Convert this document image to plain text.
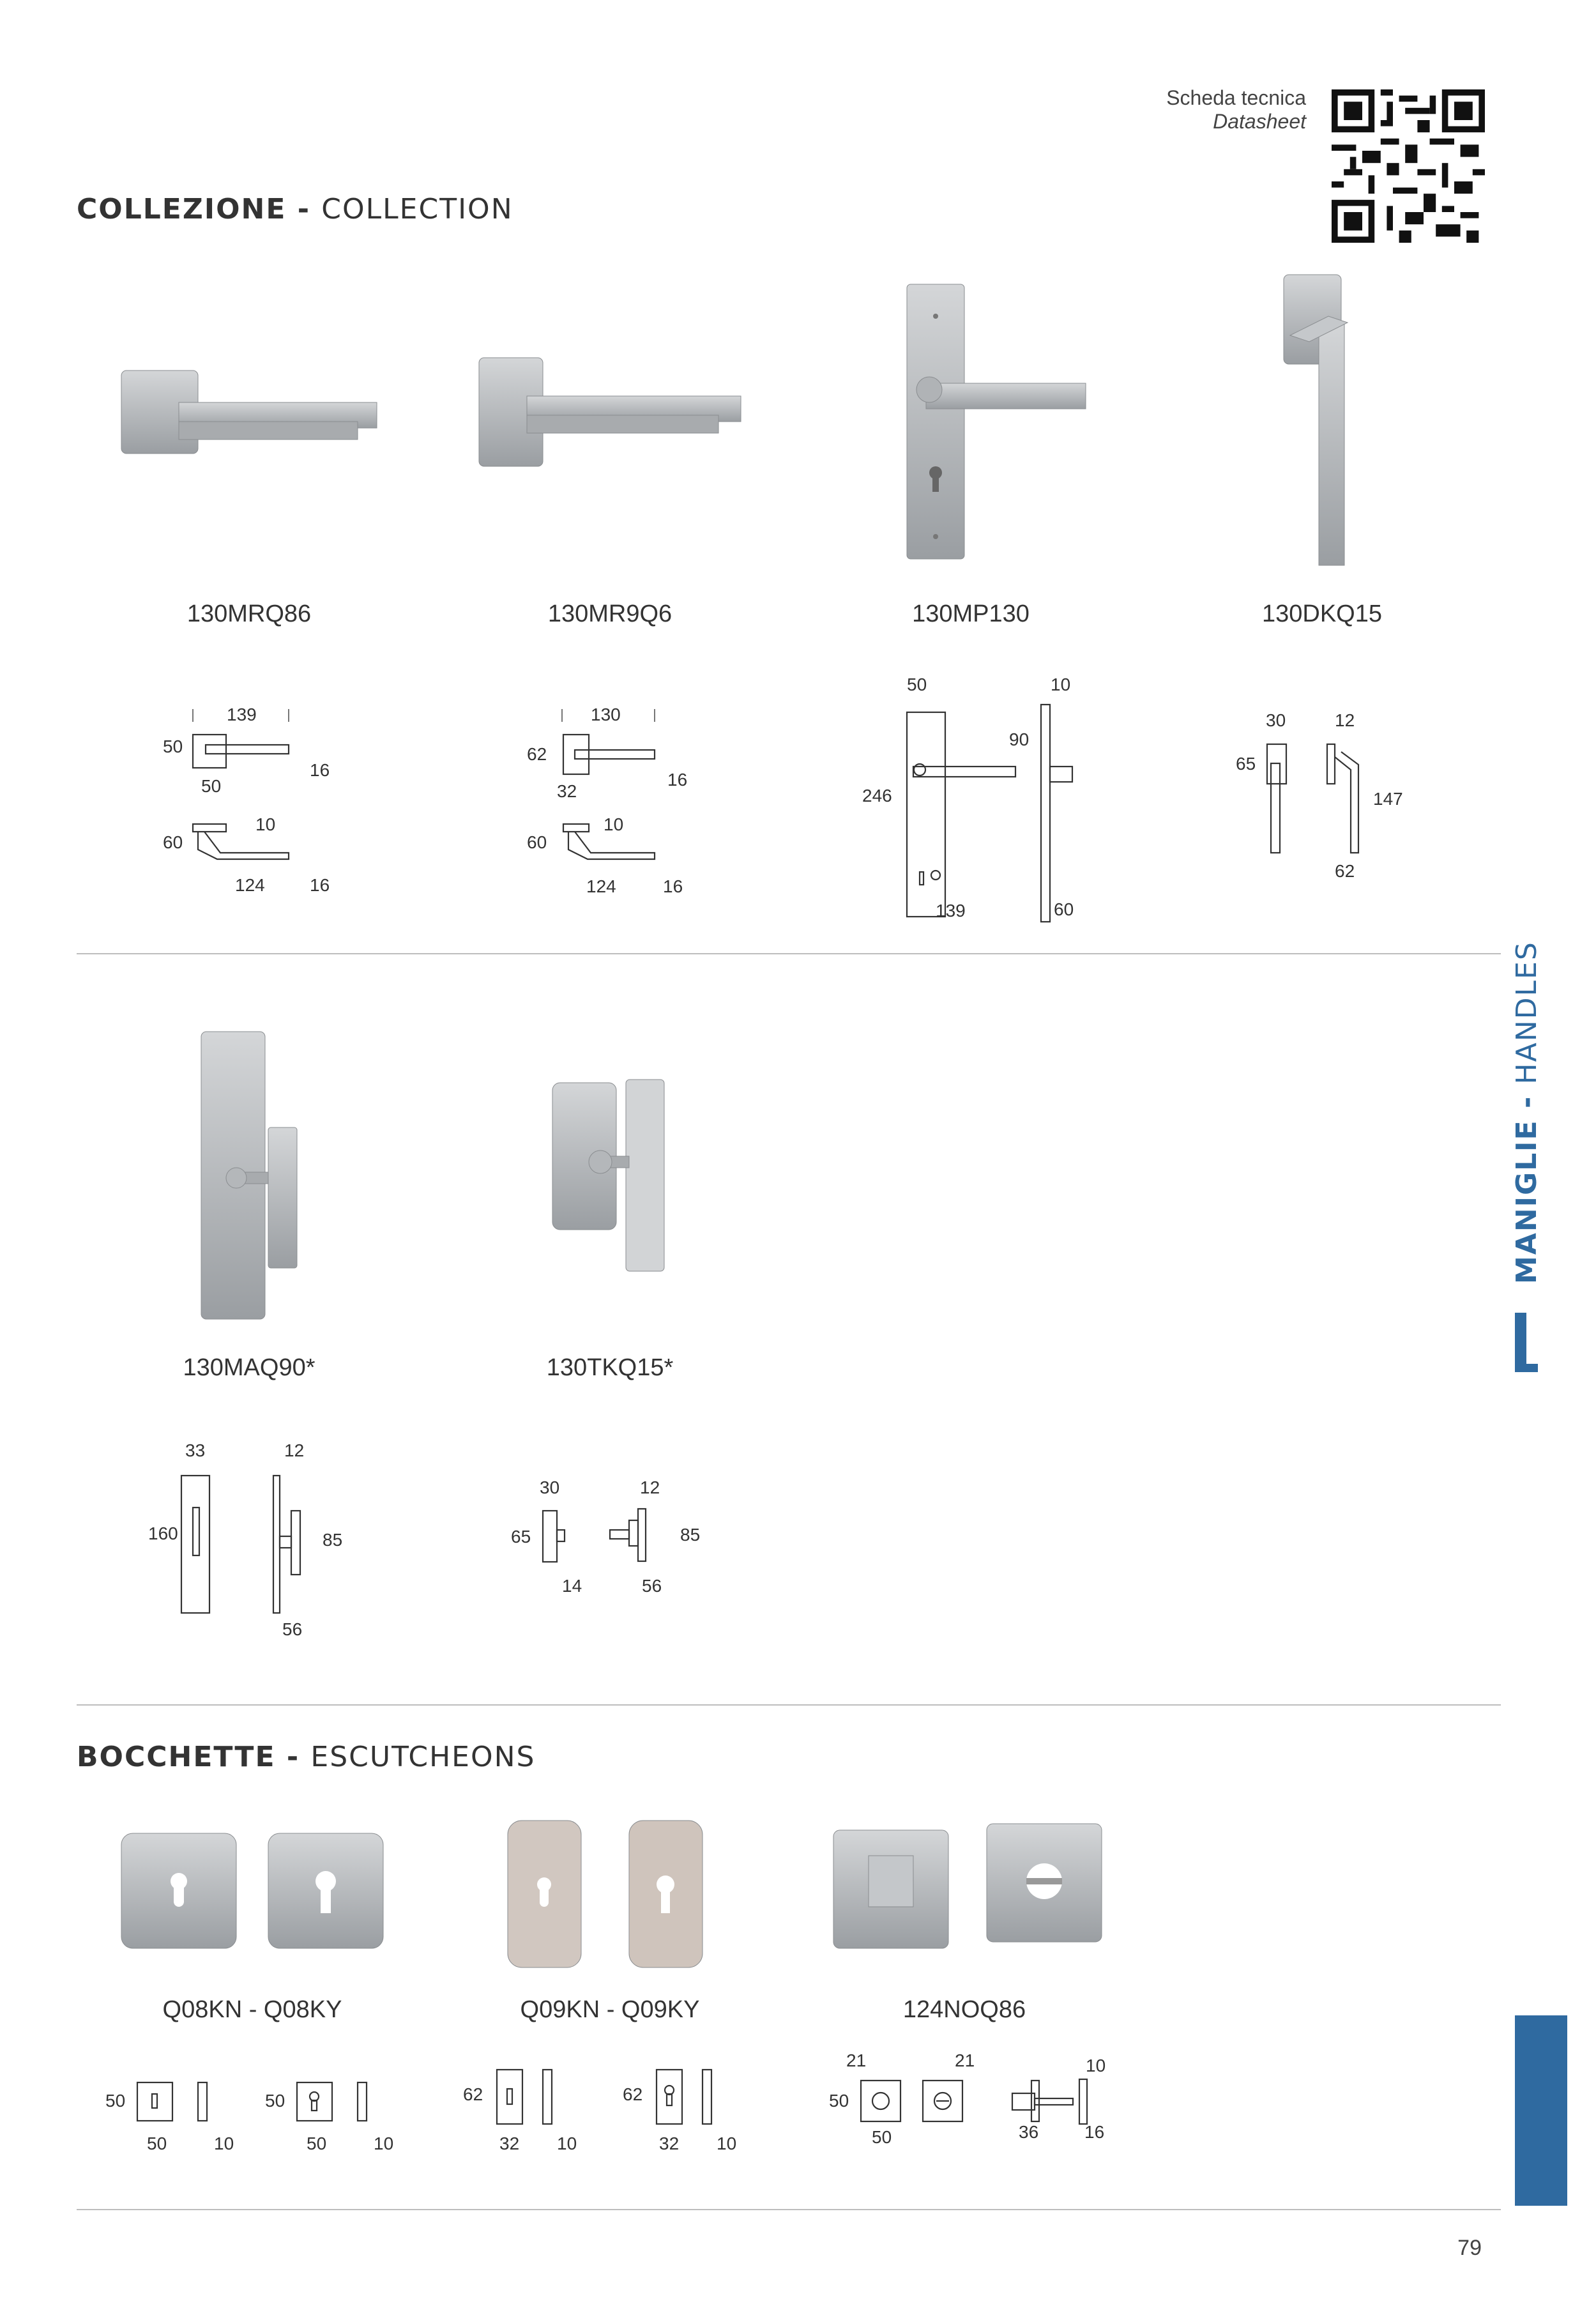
Scheda tecnica
Datasheet
COLLEZIONE - COLLECTION
130MRQ86	130MR9Q6	130MP130	130DKQ15
139
50
16
50
60
10
124	16
130
62
16
32
60
10
124	16
50	10
90
246
139	60
30	12
65
147
62
130MAQ90*	130TKQ15*
33	12
160	85
56
30	12
65	85
14	56
BOCCHETTE - ESCUTCHEONS
Q08KN - Q08KY	Q09KN - Q09KY	124NOQ86
50
50	10
50
50	10
62
32 10
62
32 10
21	21	10
50
50	36	16
MANIGLIE - HANDLES
79
